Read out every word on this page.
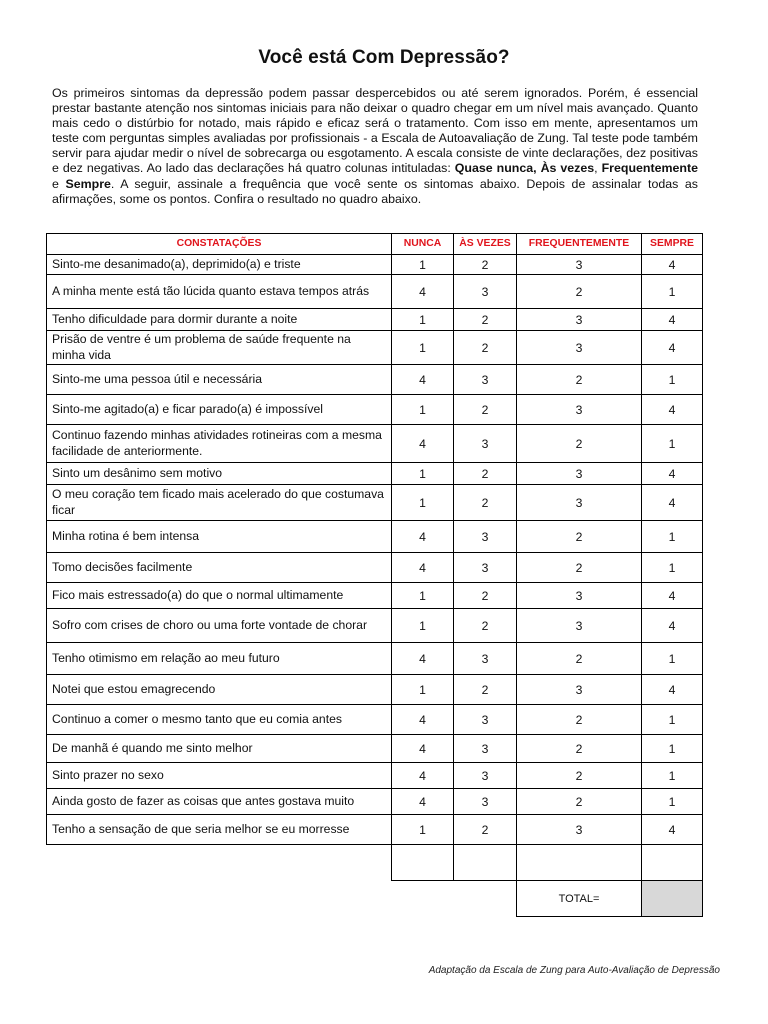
Você está Com Depressão?
Os primeiros sintomas da depressão podem passar despercebidos ou até serem ignorados. Porém, é essencial prestar bastante atenção nos sintomas iniciais para não deixar o quadro chegar em um nível mais avançado. Quanto mais cedo o distúrbio for notado, mais rápido e eficaz será o tratamento. Com isso em mente, apresentamos um teste com perguntas simples avaliadas por profissionais - a Escala de Autoavaliação de Zung. Tal teste pode também servir para ajudar medir o nível de sobrecarga ou esgotamento. A escala consiste de vinte declarações, dez positivas e dez negativas. Ao lado das declarações há quatro colunas intituladas: Quase nunca, Às vezes, Frequentemente e Sempre. A seguir, assinale a frequência que você sente os sintomas abaixo. Depois de assinalar todas as afirmações, some os pontos. Confira o resultado no quadro abaixo.
CONSTATAÇÕES	NUNCA	ÀS VEZES	FREQUENTEMENTE	SEMPRE
Sinto-me desanimado(a), deprimido(a) e triste	1	2	3	4
A minha mente está tão lúcida quanto estava tempos atrás	4	3	2	1
Tenho dificuldade para dormir durante a noite	1	2	3	4
Prisão de ventre é um problema de saúde frequente na minha vida	1	2	3	4
Sinto-me uma pessoa útil e necessária	4	3	2	1
Sinto-me agitado(a) e ficar parado(a) é impossível	1	2	3	4
Continuo fazendo minhas atividades rotineiras com a mesma facilidade de anteriormente.	4	3	2	1
Sinto um desânimo sem motivo	1	2	3	4
O meu coração tem ficado mais acelerado do que costumava ficar	1	2	3	4
Minha rotina é bem intensa	4	3	2	1
Tomo decisões facilmente	4	3	2	1
Fico mais estressado(a) do que o normal ultimamente	1	2	3	4
Sofro com crises de choro ou uma forte vontade de chorar	1	2	3	4
Tenho otimismo em relação ao meu futuro	4	3	2	1
Notei que estou emagrecendo	1	2	3	4
Continuo a comer o mesmo tanto que eu comia antes	4	3	2	1
De manhã é quando me sinto melhor	4	3	2	1
Sinto prazer no sexo	4	3	2	1
Ainda gosto de fazer as coisas que antes gostava muito	4	3	2	1
Tenho a sensação de que seria melhor se eu morresse	1	2	3	4

			TOTAL=	
Adaptação da Escala de Zung para Auto-Avaliação de Depressão
